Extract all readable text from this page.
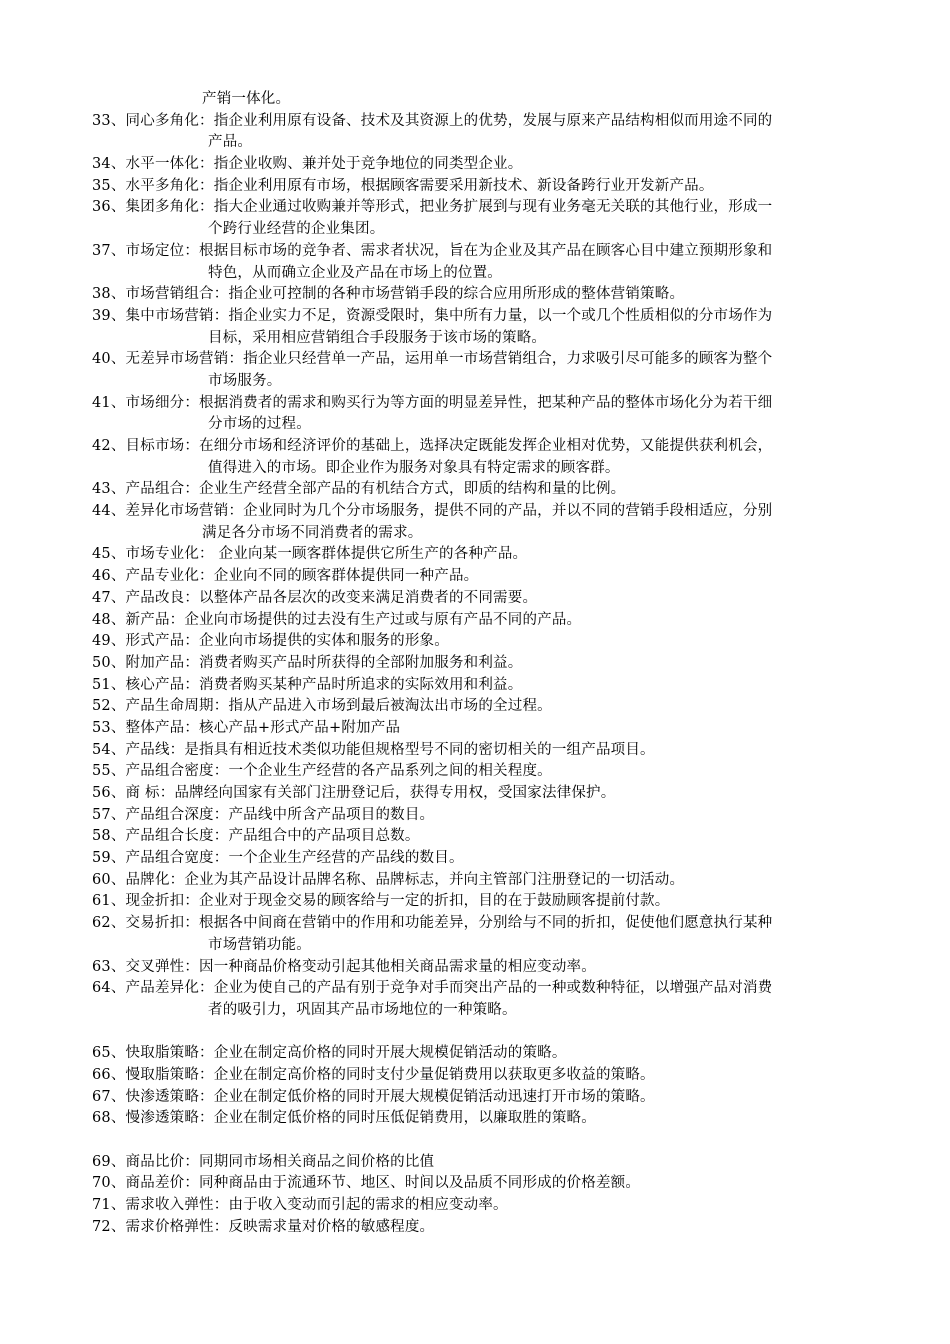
产销一体化。
33、同心多角化：指企业利用原有设备、技术及其资源上的优势，发展与原来产品结构相似而用途不同的
产品。
34、水平一体化：指企业收购、兼并处于竞争地位的同类型企业。
35、水平多角化：指企业利用原有市场，根据顾客需要采用新技术、新设备跨行业开发新产品。
36、集团多角化：指大企业通过收购兼并等形式，把业务扩展到与现有业务毫无关联的其他行业，形成一
个跨行业经营的企业集团。
37、市场定位：根据目标市场的竞争者、需求者状况，旨在为企业及其产品在顾客心目中建立预期形象和
特色，从而确立企业及产品在市场上的位置。
38、市场营销组合：指企业可控制的各种市场营销手段的综合应用所形成的整体营销策略。
39、集中市场营销：指企业实力不足，资源受限时，集中所有力量，以一个或几个性质相似的分市场作为
目标，采用相应营销组合手段服务于该市场的策略。
40、无差异市场营销：指企业只经营单一产品，运用单一市场营销组合，力求吸引尽可能多的顾客为整个
市场服务。
41、市场细分：根据消费者的需求和购买行为等方面的明显差异性，把某种产品的整体市场化分为若干细
分市场的过程。
42、目标市场：在细分市场和经济评价的基础上，选择决定既能发挥企业相对优势，又能提供获利机会，
值得进入的市场。即企业作为服务对象具有特定需求的顾客群。
43、产品组合：企业生产经营全部产品的有机结合方式，即质的结构和量的比例。
44、差异化市场营销：企业同时为几个分市场服务，提供不同的产品，并以不同的营销手段相适应，分别
满足各分市场不同消费者的需求。
45、市场专业化： 企业向某一顾客群体提供它所生产的各种产品。
46、产品专业化：企业向不同的顾客群体提供同一种产品。
47、产品改良：以整体产品各层次的改变来满足消费者的不同需要。
48、新产品：企业向市场提供的过去没有生产过或与原有产品不同的产品。
49、形式产品：企业向市场提供的实体和服务的形象。
50、附加产品：消费者购买产品时所获得的全部附加服务和利益。
51、核心产品：消费者购买某种产品时所追求的实际效用和利益。
52、产品生命周期：指从产品进入市场到最后被淘汰出市场的全过程。
53、整体产品：核心产品+形式产品+附加产品
54、产品线：是指具有相近技术类似功能但规格型号不同的密切相关的一组产品项目。
55、产品组合密度：一个企业生产经营的各产品系列之间的相关程度。
56、商 标：品牌经向国家有关部门注册登记后，获得专用权，受国家法律保护。
57、产品组合深度：产品线中所含产品项目的数目。
58、产品组合长度：产品组合中的产品项目总数。
59、产品组合宽度：一个企业生产经营的产品线的数目。
60、品牌化：企业为其产品设计品牌名称、品牌标志，并向主管部门注册登记的一切活动。
61、现金折扣：企业对于现金交易的顾客给与一定的折扣，目的在于鼓励顾客提前付款。
62、交易折扣：根据各中间商在营销中的作用和功能差异，分别给与不同的折扣，促使他们愿意执行某种
市场营销功能。
63、交叉弹性：因一种商品价格变动引起其他相关商品需求量的相应变动率。
64、产品差异化：企业为使自己的产品有别于竞争对手而突出产品的一种或数种特征，以增强产品对消费
者的吸引力，巩固其产品市场地位的一种策略。
65、快取脂策略：企业在制定高价格的同时开展大规模促销活动的策略。
66、慢取脂策略：企业在制定高价格的同时支付少量促销费用以获取更多收益的策略。
67、快渗透策略：企业在制定低价格的同时开展大规模促销活动迅速打开市场的策略。
68、慢渗透策略：企业在制定低价格的同时压低促销费用，以廉取胜的策略。
69、商品比价：同期同市场相关商品之间价格的比值
70、商品差价：同种商品由于流通环节、地区、时间以及品质不同形成的价格差额。
71、需求收入弹性：由于收入变动而引起的需求的相应变动率。
72、需求价格弹性：反映需求量对价格的敏感程度。
